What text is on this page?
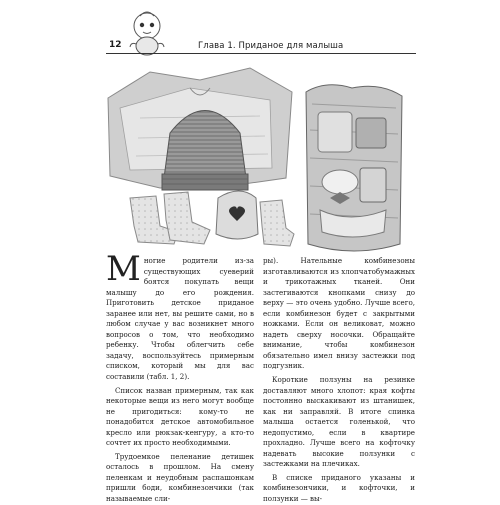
12	Глава 1. Приданое для малыша

Многие родители из-за существующих суеверий боятся покупать вещи малышу до его рождения. Приготовить детское приданое заранее или нет, вы решите сами, но в любом случае у вас возникнет много вопросов о том, что необходимо ребенку. Чтобы облегчить себе задачу, воспользуйтесь примерным списком, который мы для вас составили (табл. 1, 2).

Список назван примерным, так как некоторые вещи из него могут вообще не пригодиться: кому-то не понадобится детское автомобильное кресло или рюкзак-кенгуру, а кто-то сочтет их просто необходимыми.

Трудоемкое пеленание детишек осталось в прошлом. На смену пеленкам и неудобным распашонкам пришли боди, комбинезончики (так называемые сли-

ры). Нательные комбинезоны изготавливаются из хлопчатобумажных и трикотажных тканей. Они застегиваются кнопками снизу до верху — это очень удобно. Лучше всего, если комбинезон будет с закрытыми ножками. Если он великоват, можно надеть сверху носочки. Обращайте внимание, чтобы комбинезон обязательно имел внизу застежки под подгузник.

Короткие ползуны на резинке доставляют много хлопот: края кофты постоянно выскакивают из штанишек, как ни заправляй. В итоге спинка малыша остается голенькой, что недопустимо, если в квартире прохладно. Лучше всего на кофточку надевать высокие ползунки с застежками на плечиках.

В списке приданого указаны и комбинезончики, и кофточки, и ползунки — вы-
